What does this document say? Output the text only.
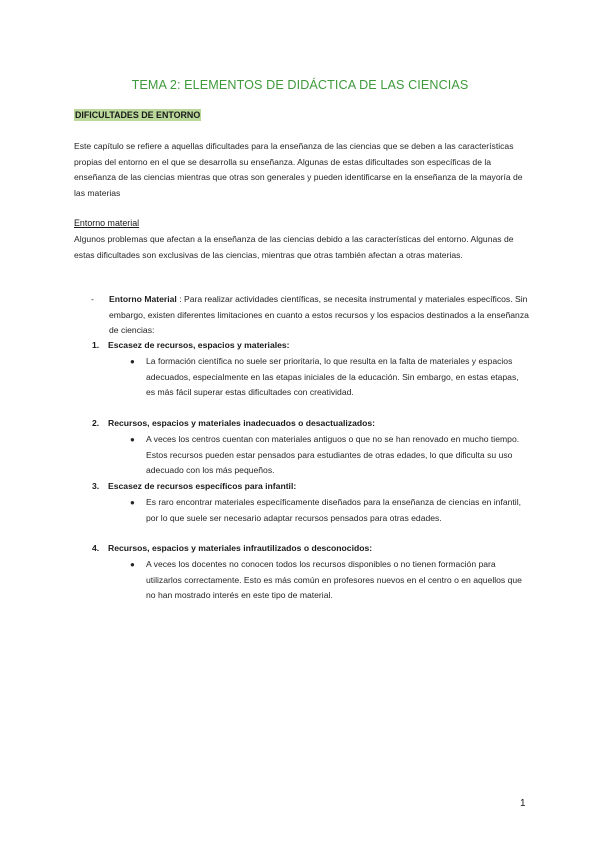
TEMA 2: ELEMENTOS DE DIDÁCTICA DE LAS CIENCIAS
DIFICULTADES DE ENTORNO
Este capítulo se refiere a aquellas dificultades para la enseñanza de las ciencias que se deben a las características propias del entorno en el que se desarrolla su enseñanza. Algunas de estas dificultades son específicas de la enseñanza de las ciencias mientras que otras son generales y pueden identificarse en la enseñanza de la mayoría de las materias
Entorno material
Algunos problemas que afectan a la enseñanza de las ciencias debido a las características del entorno. Algunas de estas dificultades son exclusivas de las ciencias, mientras que otras también afectan a otras materias.
- Entorno Material : Para realizar actividades científicas, se necesita instrumental y materiales específicos. Sin embargo, existen diferentes limitaciones en cuanto a estos recursos y los espacios destinados a la enseñanza de ciencias:
1. Escasez de recursos, espacios y materiales:
● La formación científica no suele ser prioritaria, lo que resulta en la falta de materiales y espacios adecuados, especialmente en las etapas iniciales de la educación. Sin embargo, en estas etapas, es más fácil superar estas dificultades con creatividad.
2. Recursos, espacios y materiales inadecuados o desactualizados:
● A veces los centros cuentan con materiales antiguos o que no se han renovado en mucho tiempo. Estos recursos pueden estar pensados para estudiantes de otras edades, lo que dificulta su uso adecuado con los más pequeños.
3. Escasez de recursos específicos para infantil:
● Es raro encontrar materiales específicamente diseñados para la enseñanza de ciencias en infantil, por lo que suele ser necesario adaptar recursos pensados para otras edades.
4. Recursos, espacios y materiales infrautilizados o desconocidos:
● A veces los docentes no conocen todos los recursos disponibles o no tienen formación para utilizarlos correctamente. Esto es más común en profesores nuevos en el centro o en aquellos que no han mostrado interés en este tipo de material.
1
